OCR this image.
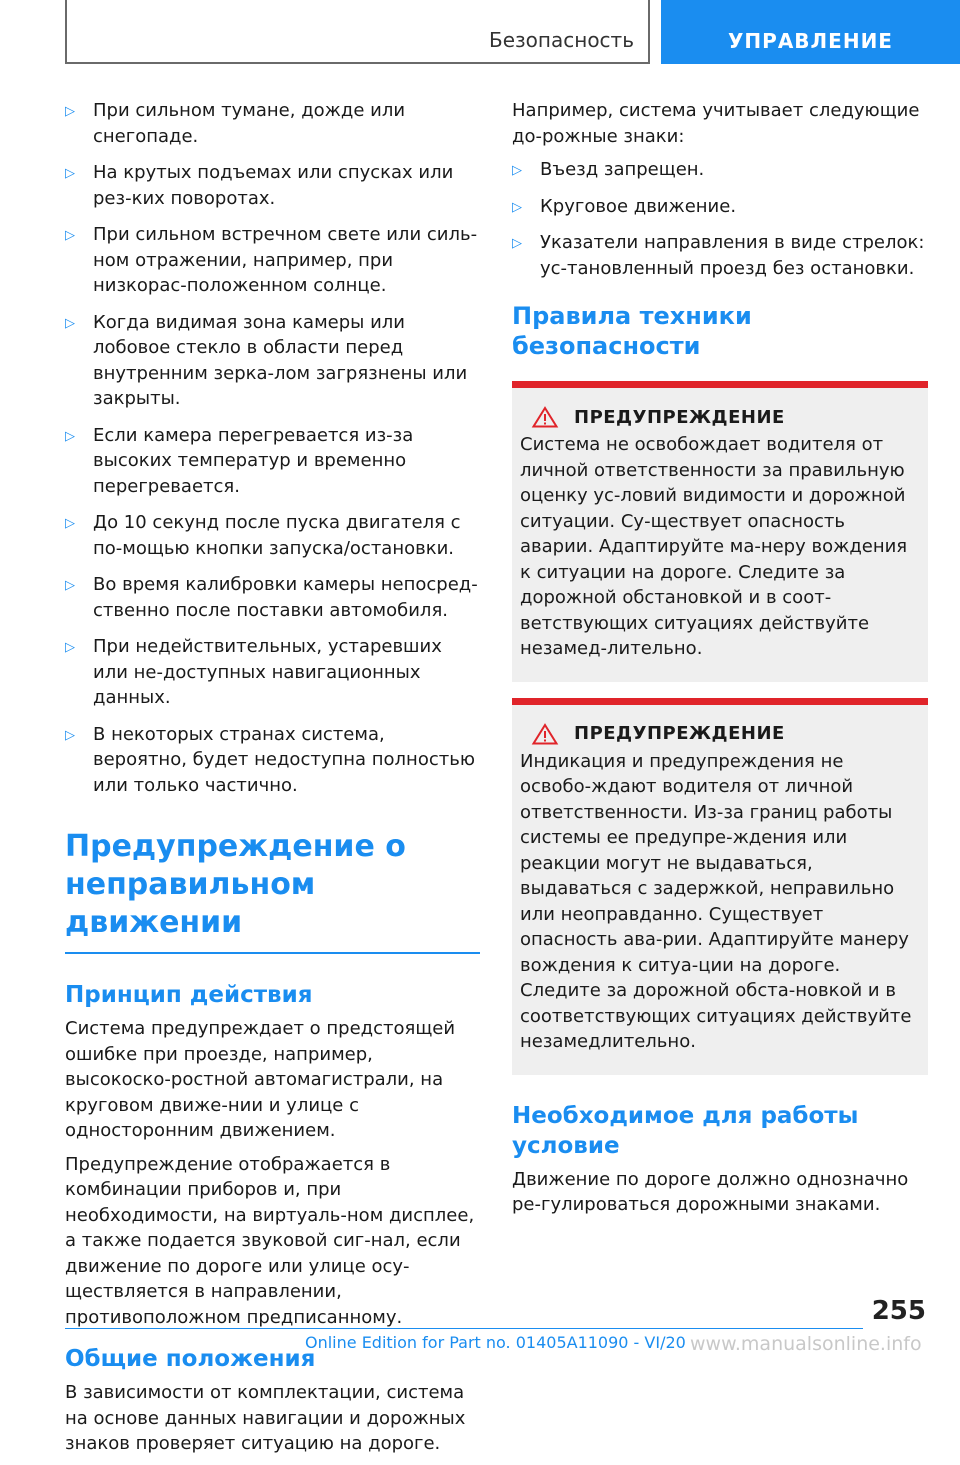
Безопасность	УПРАВЛЕНИЕ
▷ При сильном тумане, дожде или снегопаде.
▷ На крутых подъемах или спусках или рез-ких поворотах.
▷ При сильном встречном свете или силь-ном отражении, например, при низкорас-положенном солнце.
▷ Когда видимая зона камеры или лобовое стекло в области перед внутренним зерка-лом загрязнены или закрыты.
▷ Если камера перегревается из-за высоких температур и временно перегревается.
▷ До 10 секунд после пуска двигателя с по-мощью кнопки запуска/остановки.
▷ Во время калибровки камеры непосред-ственно после поставки автомобиля.
▷ При недействительных, устаревших или не-доступных навигационных данных.
▷ В некоторых странах система, вероятно, будет недоступна полностью или только частично.
Предупреждение о неправильном движении
Принцип действия

Система предупреждает о предстоящей ошибке при проезде, например, высокоско-ростной автомагистрали, на круговом движе-нии и улице с односторонним движением.

Предупреждение отображается в комбинации приборов и, при необходимости, на виртуаль-ном дисплее, а также подается звуковой сиг-нал, если движение по дороге или улице осу-ществляется в направлении, противоположном предписанному.

Общие положения

В зависимости от комплектации, система на основе данных навигации и дорожных знаков проверяет ситуацию на дороге.

Например, система учитывает следующие до-рожные знаки:

▷ Въезд запрещен.
▷ Круговое движение.
▷ Указатели направления в виде стрелок: ус-тановленный проезд без остановки.
Правила техники безопасности
ПРЕДУПРЕЖДЕНИЕ

Система не освобождает водителя от личной ответственности за правильную оценку ус-ловий видимости и дорожной ситуации. Су-ществует опасность аварии. Адаптируйте ма-неру вождения к ситуации на дороге. Следите за дорожной обстановкой и в соот-ветствующих ситуациях действуйте незамед-лительно.

ПРЕДУПРЕЖДЕНИЕ

Индикация и предупреждения не освобо-ждают водителя от личной ответственности. Из-за границ работы системы ее предупре-ждения или реакции могут не выдаваться, выдаваться с задержкой, неправильно или неоправданно. Существует опасность ава-рии. Адаптируйте манеру вождения к ситуа-ции на дороге. Следите за дорожной обста-новкой и в соответствующих ситуациях действуйте незамедлительно.

Необходимое для работы условие

Движение по дороге должно однозначно ре-гулироваться дорожными знаками.

255
Online Edition for Part no. 01405A11090 - VI/20 www.manualsonline.info
